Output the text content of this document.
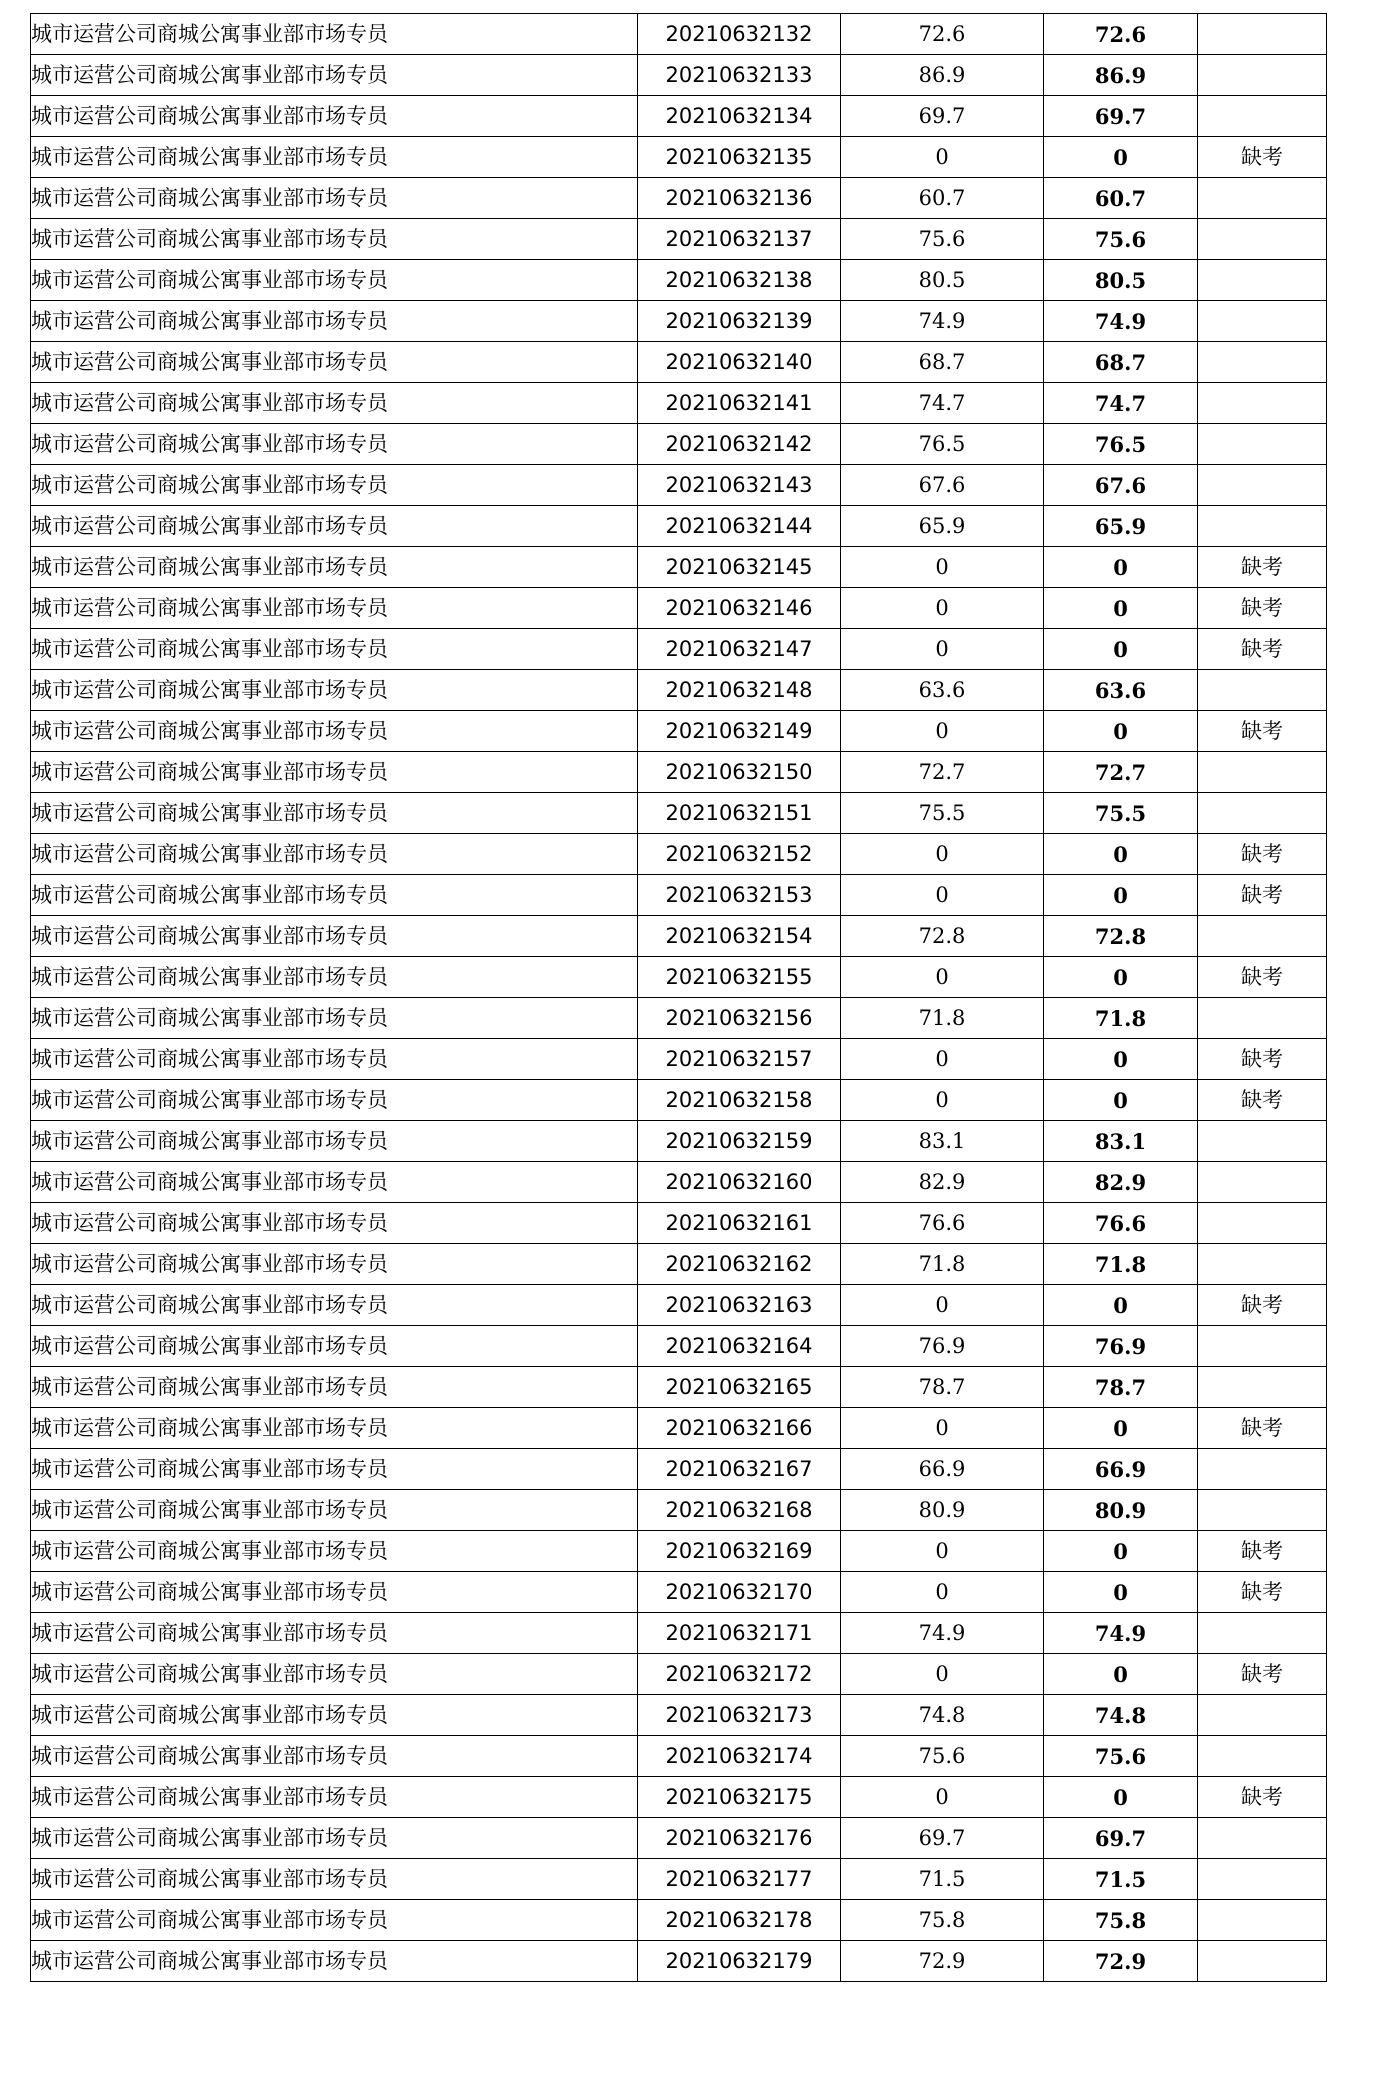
城市运营公司商城公寓事业部市场专员	20210632132	72.6	72.6	
城市运营公司商城公寓事业部市场专员	20210632133	86.9	86.9	
城市运营公司商城公寓事业部市场专员	20210632134	69.7	69.7	
城市运营公司商城公寓事业部市场专员	20210632135	0	0	缺考
城市运营公司商城公寓事业部市场专员	20210632136	60.7	60.7	
城市运营公司商城公寓事业部市场专员	20210632137	75.6	75.6	
城市运营公司商城公寓事业部市场专员	20210632138	80.5	80.5	
城市运营公司商城公寓事业部市场专员	20210632139	74.9	74.9	
城市运营公司商城公寓事业部市场专员	20210632140	68.7	68.7	
城市运营公司商城公寓事业部市场专员	20210632141	74.7	74.7	
城市运营公司商城公寓事业部市场专员	20210632142	76.5	76.5	
城市运营公司商城公寓事业部市场专员	20210632143	67.6	67.6	
城市运营公司商城公寓事业部市场专员	20210632144	65.9	65.9	
城市运营公司商城公寓事业部市场专员	20210632145	0	0	缺考
城市运营公司商城公寓事业部市场专员	20210632146	0	0	缺考
城市运营公司商城公寓事业部市场专员	20210632147	0	0	缺考
城市运营公司商城公寓事业部市场专员	20210632148	63.6	63.6	
城市运营公司商城公寓事业部市场专员	20210632149	0	0	缺考
城市运营公司商城公寓事业部市场专员	20210632150	72.7	72.7	
城市运营公司商城公寓事业部市场专员	20210632151	75.5	75.5	
城市运营公司商城公寓事业部市场专员	20210632152	0	0	缺考
城市运营公司商城公寓事业部市场专员	20210632153	0	0	缺考
城市运营公司商城公寓事业部市场专员	20210632154	72.8	72.8	
城市运营公司商城公寓事业部市场专员	20210632155	0	0	缺考
城市运营公司商城公寓事业部市场专员	20210632156	71.8	71.8	
城市运营公司商城公寓事业部市场专员	20210632157	0	0	缺考
城市运营公司商城公寓事业部市场专员	20210632158	0	0	缺考
城市运营公司商城公寓事业部市场专员	20210632159	83.1	83.1	
城市运营公司商城公寓事业部市场专员	20210632160	82.9	82.9	
城市运营公司商城公寓事业部市场专员	20210632161	76.6	76.6	
城市运营公司商城公寓事业部市场专员	20210632162	71.8	71.8	
城市运营公司商城公寓事业部市场专员	20210632163	0	0	缺考
城市运营公司商城公寓事业部市场专员	20210632164	76.9	76.9	
城市运营公司商城公寓事业部市场专员	20210632165	78.7	78.7	
城市运营公司商城公寓事业部市场专员	20210632166	0	0	缺考
城市运营公司商城公寓事业部市场专员	20210632167	66.9	66.9	
城市运营公司商城公寓事业部市场专员	20210632168	80.9	80.9	
城市运营公司商城公寓事业部市场专员	20210632169	0	0	缺考
城市运营公司商城公寓事业部市场专员	20210632170	0	0	缺考
城市运营公司商城公寓事业部市场专员	20210632171	74.9	74.9	
城市运营公司商城公寓事业部市场专员	20210632172	0	0	缺考
城市运营公司商城公寓事业部市场专员	20210632173	74.8	74.8	
城市运营公司商城公寓事业部市场专员	20210632174	75.6	75.6	
城市运营公司商城公寓事业部市场专员	20210632175	0	0	缺考
城市运营公司商城公寓事业部市场专员	20210632176	69.7	69.7	
城市运营公司商城公寓事业部市场专员	20210632177	71.5	71.5	
城市运营公司商城公寓事业部市场专员	20210632178	75.8	75.8	
城市运营公司商城公寓事业部市场专员	20210632179	72.9	72.9	
